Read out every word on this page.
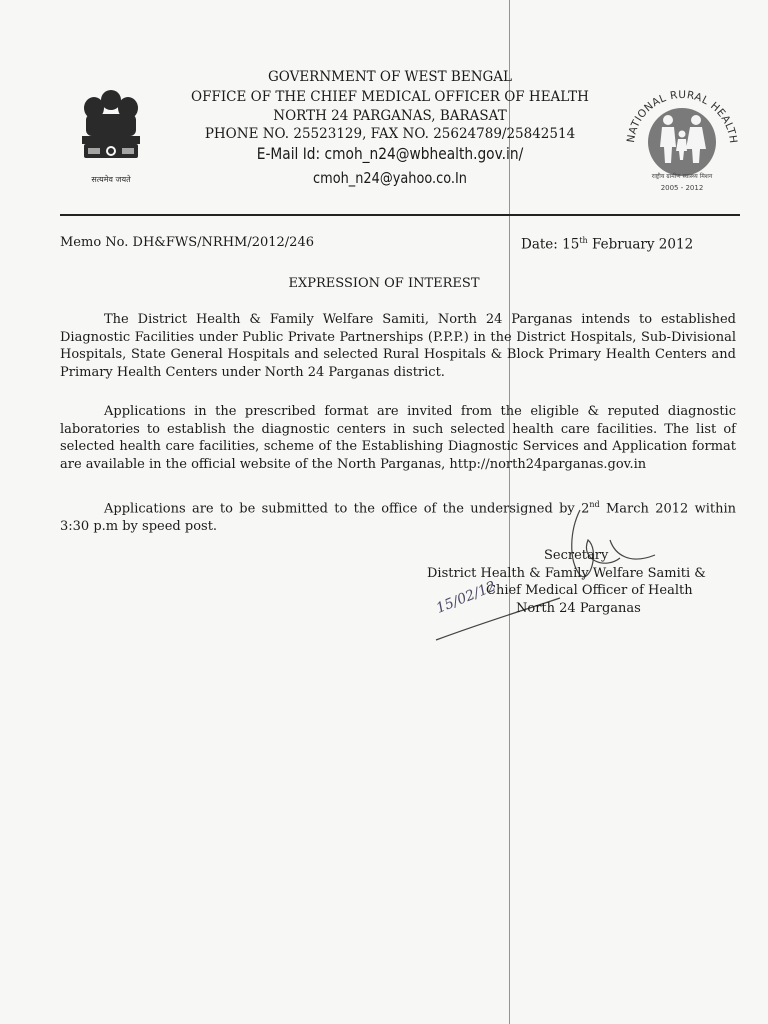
सत्यमेव जयते
GOVERNMENT OF WEST BENGAL
OFFICE OF THE CHIEF MEDICAL OFFICER OF HEALTH
NORTH 24 PARGANAS, BARASAT
PHONE NO. 25523129, FAX NO. 25624789/25842514
E-Mail Id: cmoh_n24@wbhealth.gov.in/
cmoh_n24@yahoo.co.In
NATIONAL RURAL HEALTH
राष्ट्रीय ग्रामीण स्वास्थ्य मिशन
2005 - 2012
Memo No. DH&FWS/NRHM/2012/246	Date: 15th February 2012
EXPRESSION OF INTEREST
The District Health & Family Welfare Samiti, North 24 Parganas intends to established Diagnostic Facilities under Public Private Partnerships (P.P.P.) in the District Hospitals, Sub-Divisional Hospitals, State General Hospitals and selected Rural Hospitals & Block Primary Health Centers and Primary Health Centers under North 24 Parganas district.
Applications in the prescribed format are invited from the eligible & reputed diagnostic laboratories to establish the diagnostic centers in such selected health care facilities. The list of selected health care facilities, scheme of the Establishing Diagnostic Services and Application format are available in the official website of the North Parganas, http://north24parganas.gov.in
Applications are to be submitted to the office of the undersigned by 2nd March 2012 within 3:30 p.m by speed post.
Secretary
District Health & Family Welfare Samiti &
Chief Medical Officer of Health
North 24 Parganas
15/02/12
